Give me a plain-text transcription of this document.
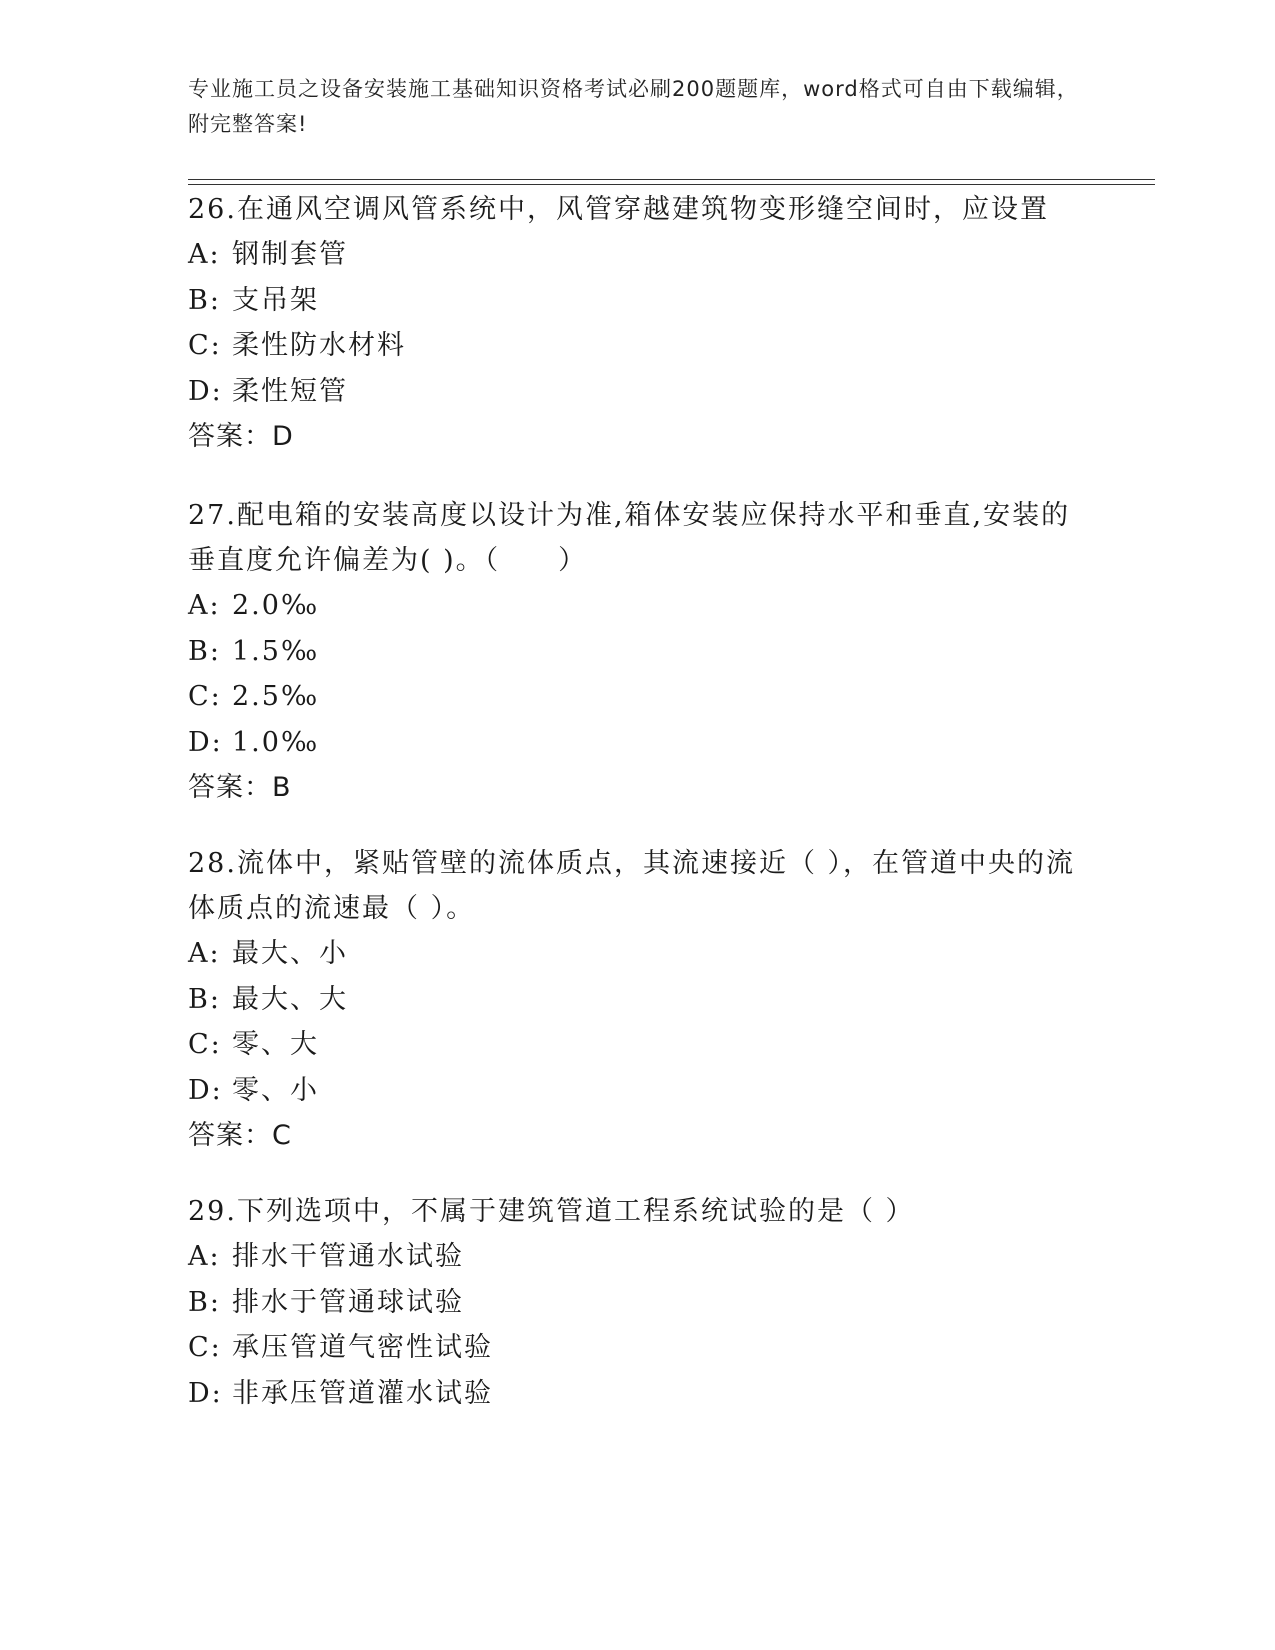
专业施工员之设备安装施工基础知识资格考试必刷200题题库，word格式可自由下载编辑，附完整答案!

26.在通风空调风管系统中，风管穿越建筑物变形缝空间时，应设置

A: 钢制套管

B: 支吊架

C: 柔性防水材料

D: 柔性短管

答案：D

27.配电箱的安装高度以设计为准,箱体安装应保持水平和垂直,安装的垂直度允许偏差为( )。（　　）

A: 2.0‰

B: 1.5‰

C: 2.5‰

D: 1.0‰

答案：B

28.流体中，紧贴管壁的流体质点，其流速接近（ ），在管道中央的流体质点的流速最（ ）。

A: 最大、小

B: 最大、大

C: 零、大

D: 零、小

答案：C

29.下列选项中，不属于建筑管道工程系统试验的是（ ）

A: 排水干管通水试验

B: 排水于管通球试验

C: 承压管道气密性试验

D: 非承压管道灌水试验
